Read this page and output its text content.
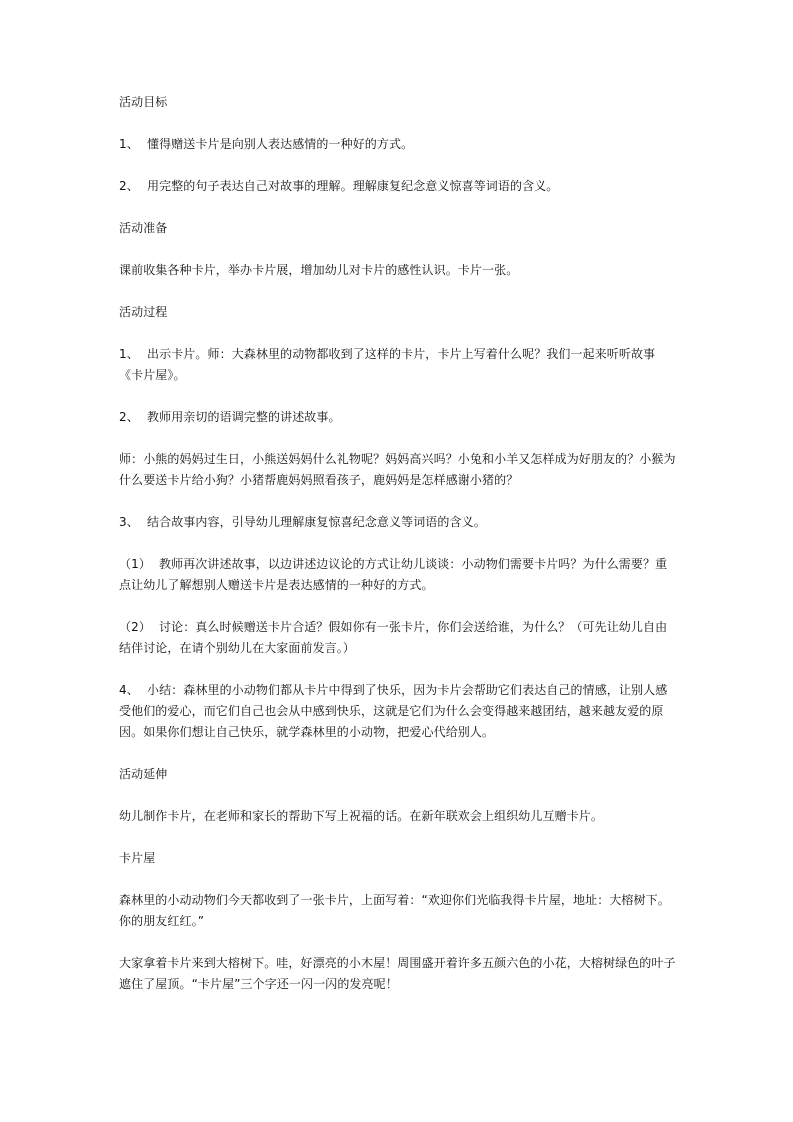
活动目标

1、 懂得赠送卡片是向别人表达感情的一种好的方式。

2、 用完整的句子表达自己对故事的理解。理解康复纪念意义惊喜等词语的含义。

活动准备

课前收集各种卡片，举办卡片展，增加幼儿对卡片的感性认识。卡片一张。

活动过程

1、 出示卡片。师：大森林里的动物都收到了这样的卡片，卡片上写着什么呢？我们一起来听听故事《卡片屋》。

2、 教师用亲切的语调完整的讲述故事。

师：小熊的妈妈过生日，小熊送妈妈什么礼物呢？妈妈高兴吗？小兔和小羊又怎样成为好朋友的？小猴为什么要送卡片给小狗？小猪帮鹿妈妈照看孩子，鹿妈妈是怎样感谢小猪的？

3、 结合故事内容，引导幼儿理解康复惊喜纪念意义等词语的含义。

（1） 教师再次讲述故事，以边讲述边议论的方式让幼儿谈谈：小动物们需要卡片吗？为什么需要？重点让幼儿了解想别人赠送卡片是表达感情的一种好的方式。

（2） 讨论：真么时候赠送卡片合适？假如你有一张卡片，你们会送给谁，为什么？（可先让幼儿自由结伴讨论，在请个别幼儿在大家面前发言。）

4、 小结：森林里的小动物们都从卡片中得到了快乐，因为卡片会帮助它们表达自己的情感，让别人感受他们的爱心，而它们自己也会从中感到快乐，这就是它们为什么会变得越来越团结，越来越友爱的原因。如果你们想让自己快乐，就学森林里的小动物，把爱心代给别人。

活动延伸

幼儿制作卡片，在老师和家长的帮助下写上祝福的话。在新年联欢会上组织幼儿互赠卡片。

卡片屋

森林里的小动动物们今天都收到了一张卡片，上面写着：“欢迎你们光临我得卡片屋，地址：大榕树下。你的朋友红红。”

大家拿着卡片来到大榕树下。哇，好漂亮的小木屋！周围盛开着许多五颜六色的小花，大榕树绿色的叶子遮住了屋顶。“卡片屋”三个字还一闪一闪的发亮呢！
